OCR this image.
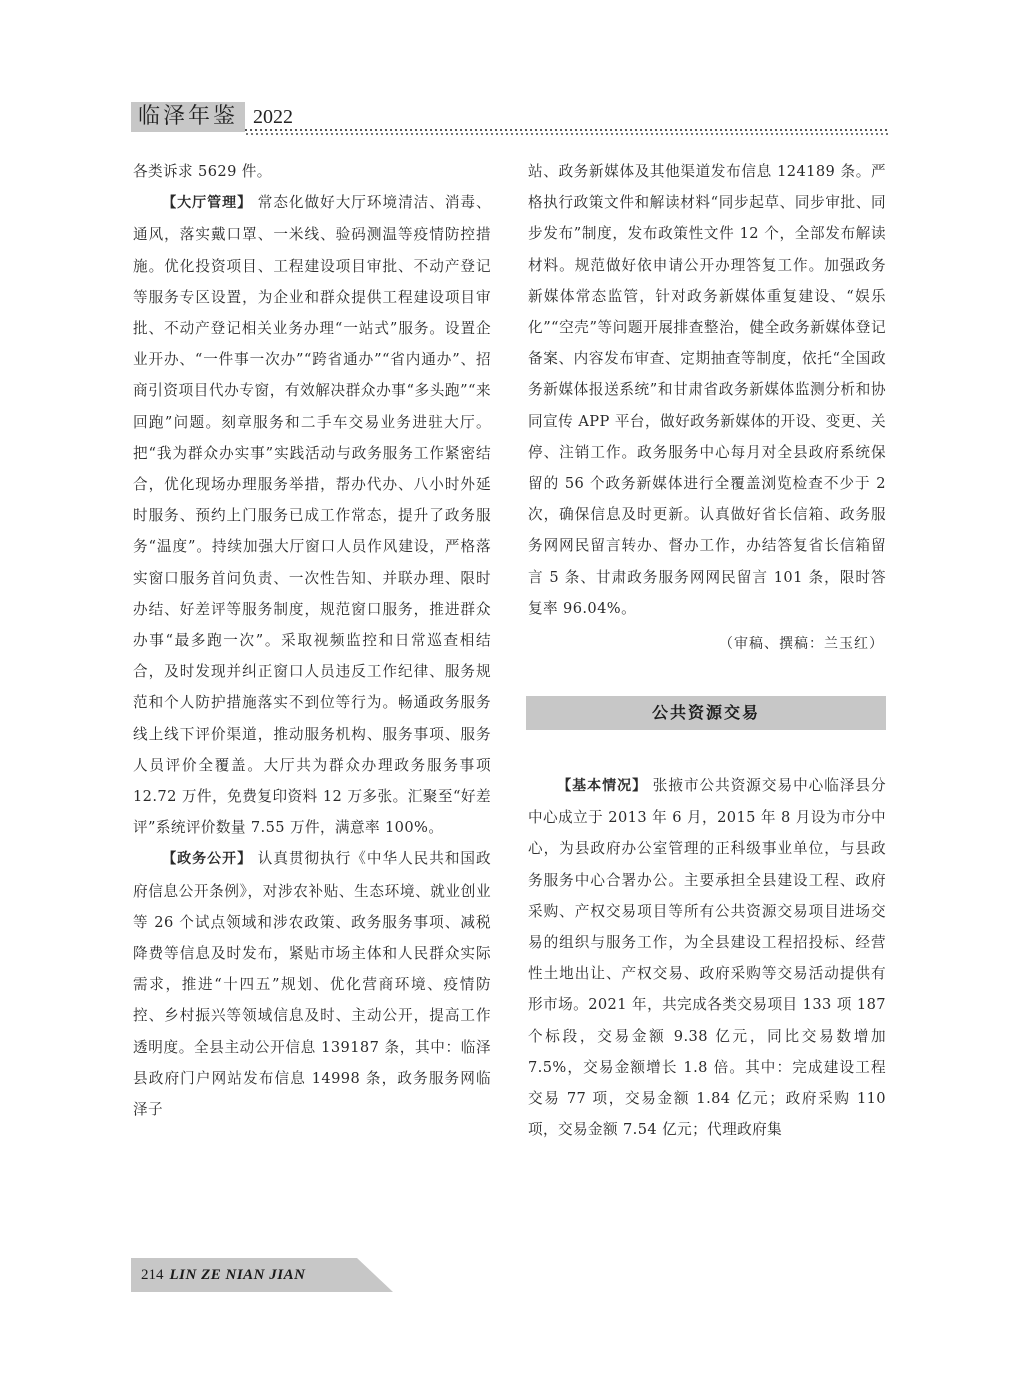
临泽年鉴 2022

各类诉求 5629 件。

【大厅管理】 常态化做好大厅环境清洁、消毒、通风，落实戴口罩、一米线、验码测温等疫情防控措施。优化投资项目、工程建设项目审批、不动产登记等服务专区设置，为企业和群众提供工程建设项目审批、不动产登记相关业务办理“一站式”服务。设置企业开办、“一件事一次办”“跨省通办”“省内通办”、招商引资项目代办专窗，有效解决群众办事“多头跑”“来回跑”问题。刻章服务和二手车交易业务进驻大厅。把“我为群众办实事”实践活动与政务服务工作紧密结合，优化现场办理服务举措，帮办代办、八小时外延时服务、预约上门服务已成工作常态，提升了政务服务“温度”。持续加强大厅窗口人员作风建设，严格落实窗口服务首问负责、一次性告知、并联办理、限时办结、好差评等服务制度，规范窗口服务，推进群众办事“最多跑一次”。采取视频监控和日常巡查相结合，及时发现并纠正窗口人员违反工作纪律、服务规范和个人防护措施落实不到位等行为。畅通政务服务线上线下评价渠道，推动服务机构、服务事项、服务人员评价全覆盖。大厅共为群众办理政务服务事项 12.72 万件，免费复印资料 12 万多张。汇聚至“好差评”系统评价数量 7.55 万件，满意率 100%。

【政务公开】 认真贯彻执行《中华人民共和国政府信息公开条例》，对涉农补贴、生态环境、就业创业等 26 个试点领域和涉农政策、政务服务事项、减税降费等信息及时发布，紧贴市场主体和人民群众实际需求，推进“十四五”规划、优化营商环境、疫情防控、乡村振兴等领域信息及时、主动公开，提高工作透明度。全县主动公开信息 139187 条，其中：临泽县政府门户网站发布信息 14998 条，政务服务网临泽子

站、政务新媒体及其他渠道发布信息 124189 条。严格执行政策文件和解读材料“同步起草、同步审批、同步发布”制度，发布政策性文件 12 个，全部发布解读材料。规范做好依申请公开办理答复工作。加强政务新媒体常态监管，针对政务新媒体重复建设、“娱乐化”“空壳”等问题开展排查整治，健全政务新媒体登记备案、内容发布审查、定期抽查等制度，依托“全国政务新媒体报送系统”和甘肃省政务新媒体监测分析和协同宣传 APP 平台，做好政务新媒体的开设、变更、关停、注销工作。政务服务中心每月对全县政府系统保留的 56 个政务新媒体进行全覆盖浏览检查不少于 2 次，确保信息及时更新。认真做好省长信箱、政务服务网网民留言转办、督办工作，办结答复省长信箱留言 5 条、甘肃政务服务网网民留言 101 条，限时答复率 96.04%。

（审稿、撰稿：兰玉红）

公共资源交易

【基本情况】 张掖市公共资源交易中心临泽县分中心成立于 2013 年 6 月，2015 年 8 月设为市分中心，为县政府办公室管理的正科级事业单位，与县政务服务中心合署办公。主要承担全县建设工程、政府采购、产权交易项目等所有公共资源交易项目进场交易的组织与服务工作，为全县建设工程招投标、经营性土地出让、产权交易、政府采购等交易活动提供有形市场。2021 年，共完成各类交易项目 133 项 187 个标段，交易金额 9.38 亿元，同比交易数增加 7.5%，交易金额增长 1.8 倍。其中：完成建设工程交易 77 项，交易金额 1.84 亿元；政府采购 110 项，交易金额 7.54 亿元；代理政府集

214 LIN ZE NIAN JIAN
